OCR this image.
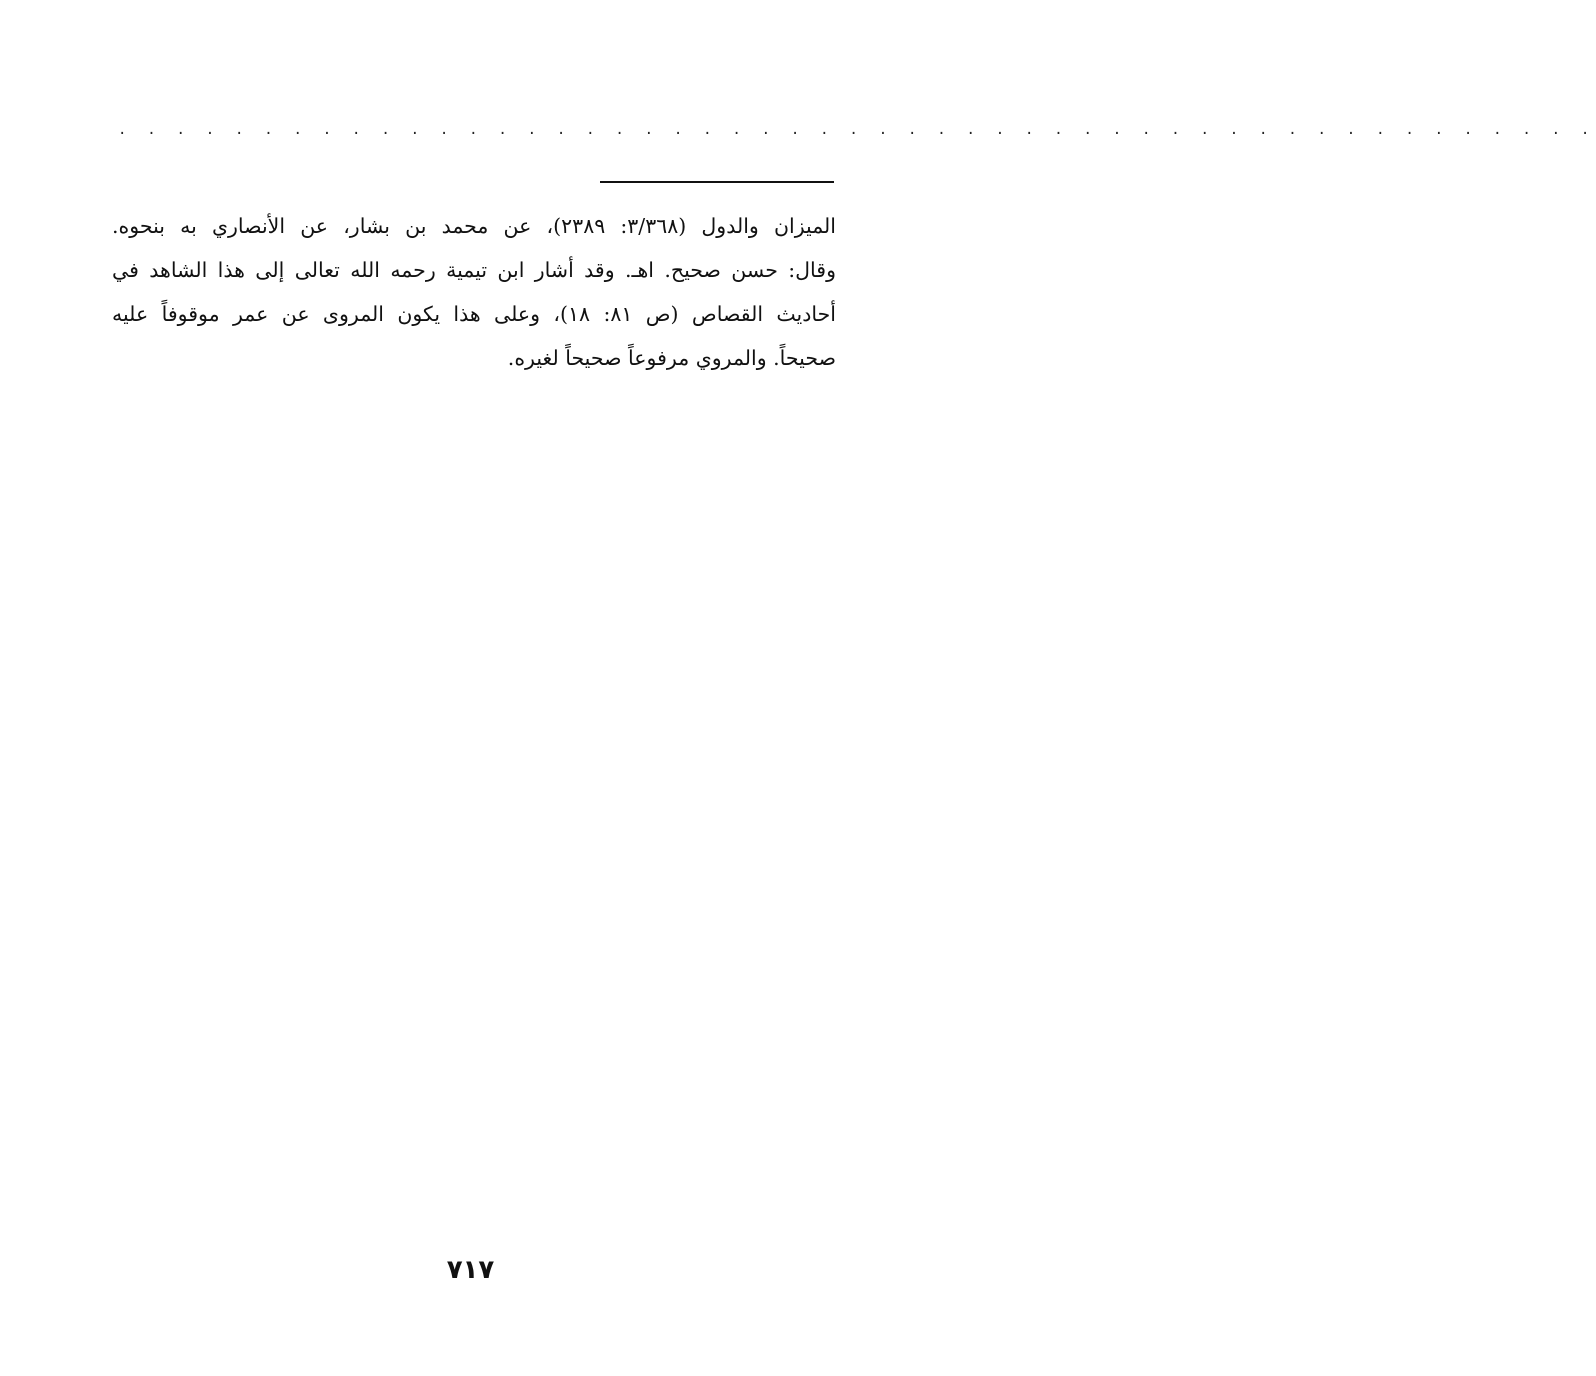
· · · · · · · · · · · · · · · · · · · · · · · · · · · · · · · · · · · · · · · · · · · · · · · · · · ·
الميزان والدول (٣/٣٦٨: ٢٣٨٩)، عن محمد بن بشار، عن الأنصاري به بنحوه.
وقال: حسن صحيح. اهـ. وقد أشار ابن تيمية رحمه الله تعالى إلى هذا الشاهد في
أحاديث القصاص (ص ٨١: ١٨)، وعلى هذا يكون المروى عن عمر موقوفاً عليه
صحيحاً. والمروي مرفوعاً صحيحاً لغيره.
٧١٧
